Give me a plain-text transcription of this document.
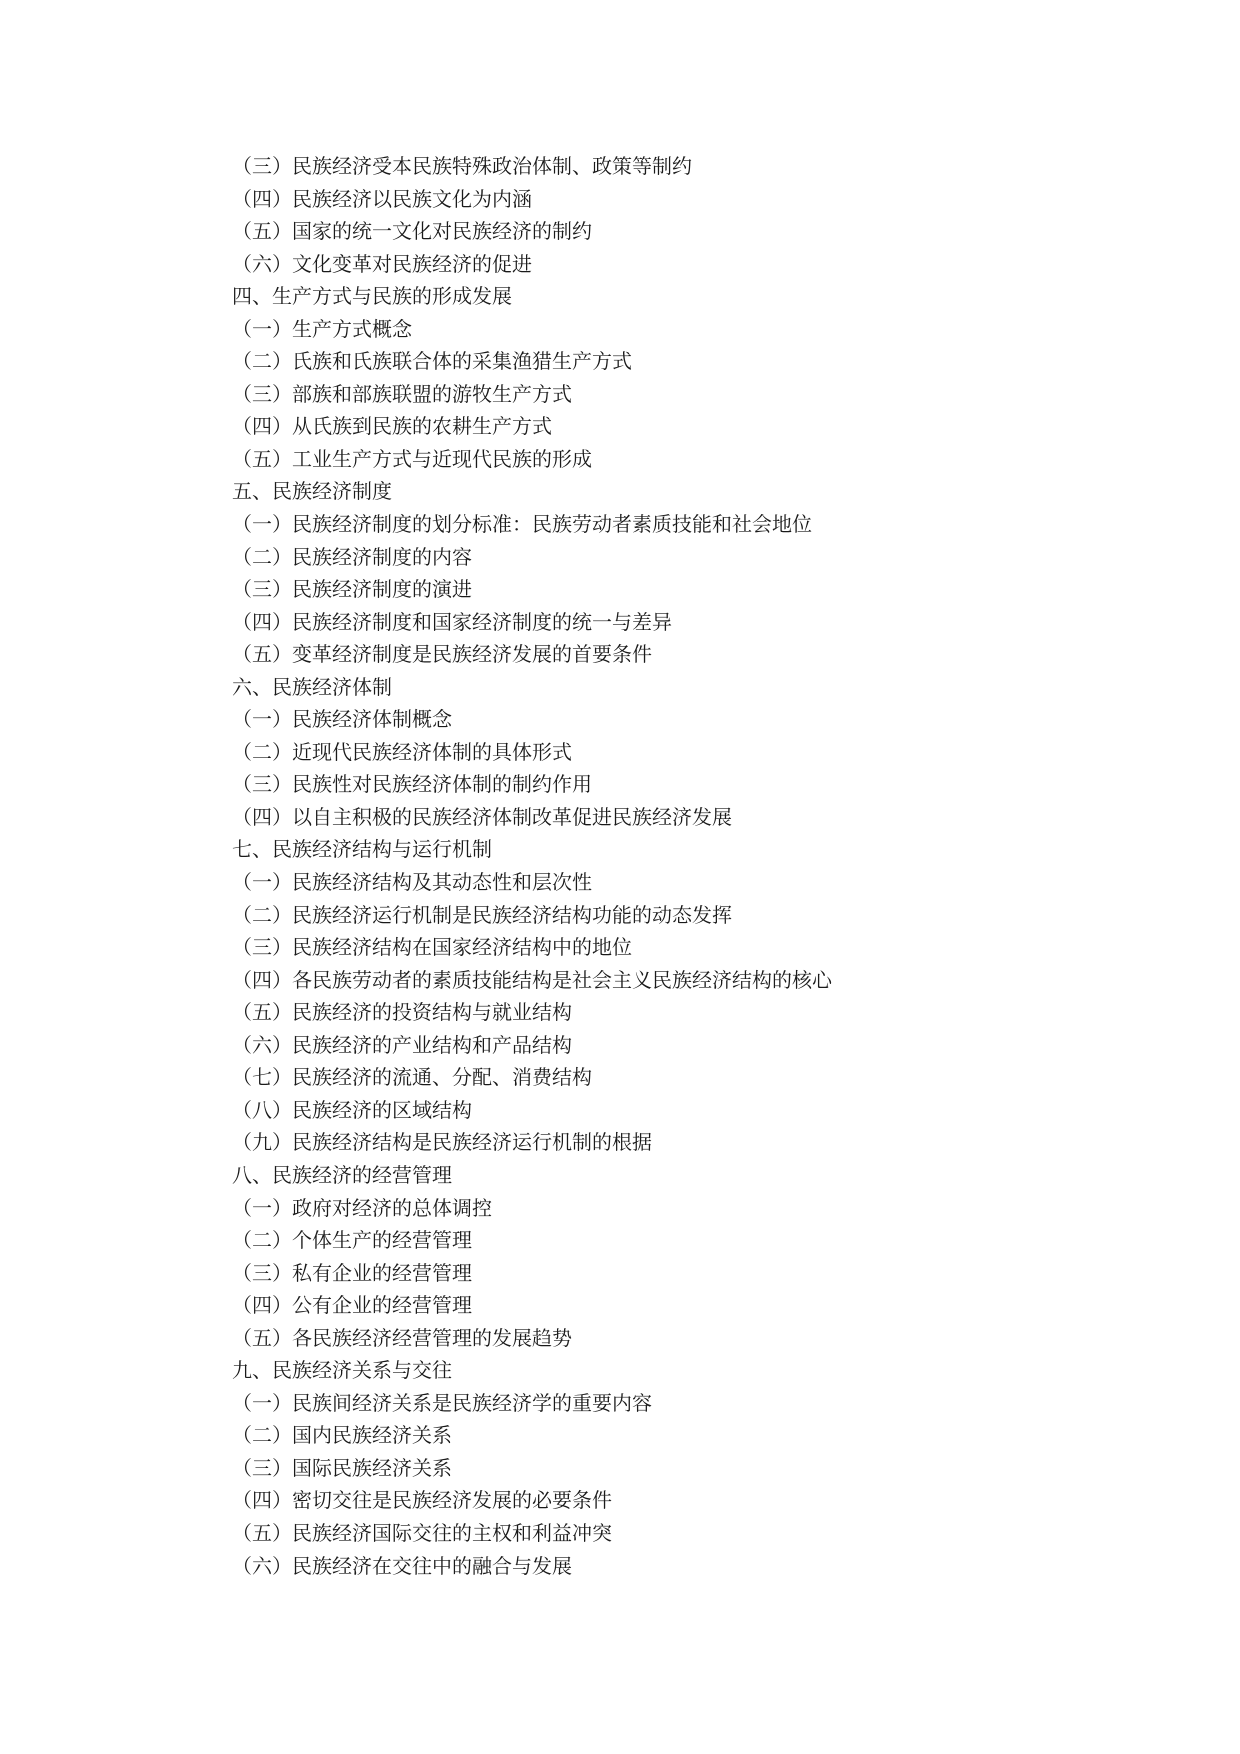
（三）民族经济受本民族特殊政治体制、政策等制约
（四）民族经济以民族文化为内涵
（五）国家的统一文化对民族经济的制约
（六）文化变革对民族经济的促进
四、生产方式与民族的形成发展
（一）生产方式概念
（二）氏族和氏族联合体的采集渔猎生产方式
（三）部族和部族联盟的游牧生产方式
（四）从氏族到民族的农耕生产方式
（五）工业生产方式与近现代民族的形成
五、民族经济制度
（一）民族经济制度的划分标准：民族劳动者素质技能和社会地位
（二）民族经济制度的内容
（三）民族经济制度的演进
（四）民族经济制度和国家经济制度的统一与差异
（五）变革经济制度是民族经济发展的首要条件
六、民族经济体制
（一）民族经济体制概念
（二）近现代民族经济体制的具体形式
（三）民族性对民族经济体制的制约作用
（四）以自主积极的民族经济体制改革促进民族经济发展
七、民族经济结构与运行机制
（一）民族经济结构及其动态性和层次性
（二）民族经济运行机制是民族经济结构功能的动态发挥
（三）民族经济结构在国家经济结构中的地位
（四）各民族劳动者的素质技能结构是社会主义民族经济结构的核心
（五）民族经济的投资结构与就业结构
（六）民族经济的产业结构和产品结构
（七）民族经济的流通、分配、消费结构
（八）民族经济的区域结构
（九）民族经济结构是民族经济运行机制的根据
八、民族经济的经营管理
（一）政府对经济的总体调控
（二）个体生产的经营管理
（三）私有企业的经营管理
（四）公有企业的经营管理
（五）各民族经济经营管理的发展趋势
九、民族经济关系与交往
（一）民族间经济关系是民族经济学的重要内容
（二）国内民族经济关系
（三）国际民族经济关系
（四）密切交往是民族经济发展的必要条件
（五）民族经济国际交往的主权和利益冲突
（六）民族经济在交往中的融合与发展
